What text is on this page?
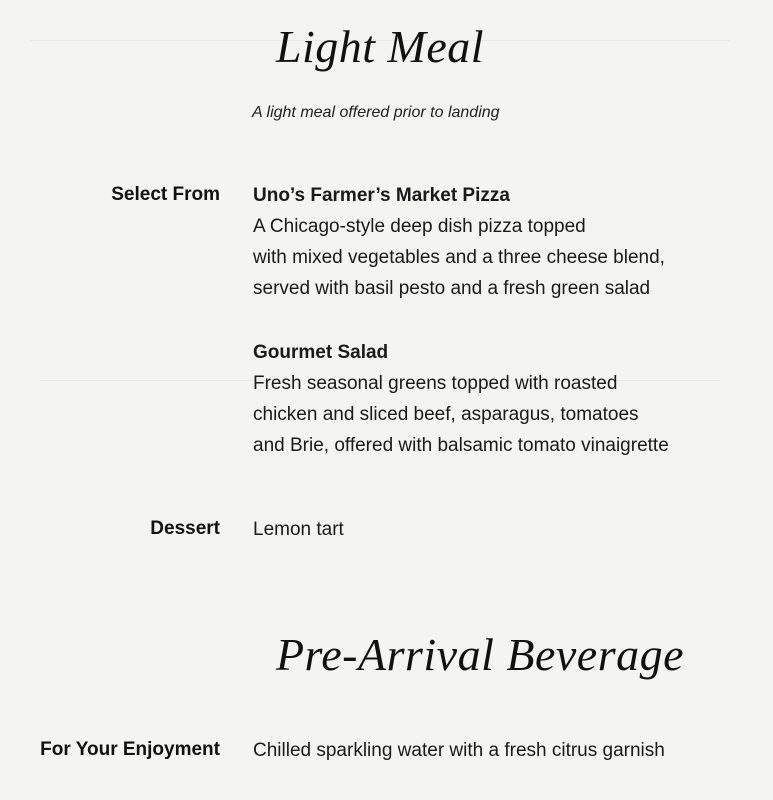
Light Meal
A light meal offered prior to landing
Select From Uno’s Farmer’s Market Pizza
A Chicago-style deep dish pizza topped
with mixed vegetables and a three cheese blend,
served with basil pesto and a fresh green salad
Gourmet Salad
Fresh seasonal greens topped with roasted
chicken and sliced beef, asparagus, tomatoes
and Brie, offered with balsamic tomato vinaigrette
Dessert Lemon tart
Pre-Arrival Beverage
For Your Enjoyment Chilled sparkling water with a fresh citrus garnish
